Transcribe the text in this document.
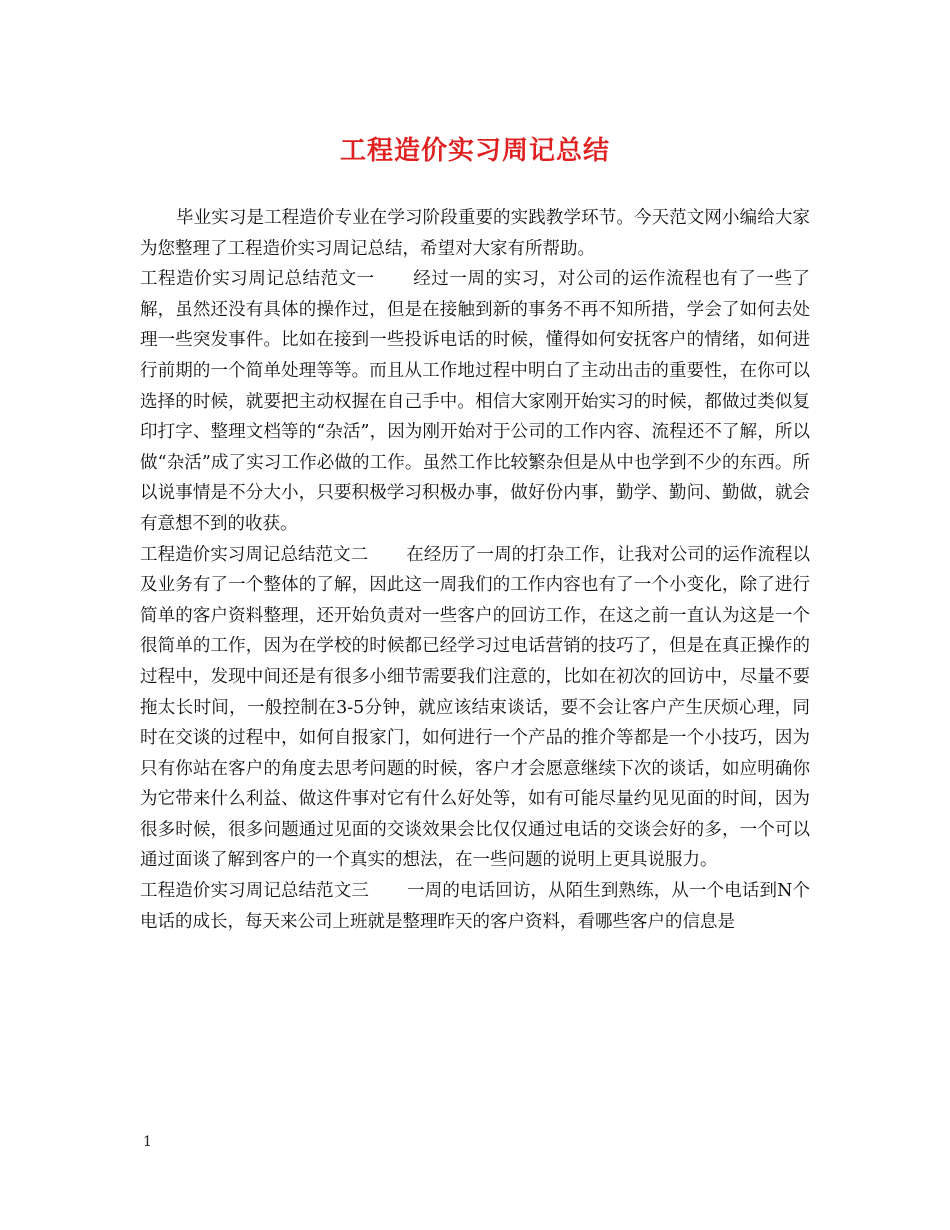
工程造价实习周记总结

毕业实习是工程造价专业在学习阶段重要的实践教学环节。今天范文网小编给大家为您整理了工程造价实习周记总结，希望对大家有所帮助。

工程造价实习周记总结范文一 经过一周的实习，对公司的运作流程也有了一些了解，虽然还没有具体的操作过，但是在接触到新的事务不再不知所措，学会了如何去处理一些突发事件。比如在接到一些投诉电话的时候，懂得如何安抚客户的情绪，如何进行前期的一个简单处理等等。而且从工作地过程中明白了主动出击的重要性，在你可以选择的时候，就要把主动权握在自己手中。相信大家刚开始实习的时候，都做过类似复印打字、整理文档等的“杂活”，因为刚开始对于公司的工作内容、流程还不了解，所以做“杂活”成了实习工作必做的工作。虽然工作比较繁杂但是从中也学到不少的东西。所以说事情是不分大小，只要积极学习积极办事，做好份内事，勤学、勤问、勤做，就会有意想不到的收获。

工程造价实习周记总结范文二 在经历了一周的打杂工作，让我对公司的运作流程以及业务有了一个整体的了解，因此这一周我们的工作内容也有了一个小变化，除了进行简单的客户资料整理，还开始负责对一些客户的回访工作，在这之前一直认为这是一个很简单的工作，因为在学校的时候都已经学习过电话营销的技巧了，但是在真正操作的过程中，发现中间还是有很多小细节需要我们注意的，比如在初次的回访中，尽量不要拖太长时间，一般控制在3-5分钟，就应该结束谈话，要不会让客户产生厌烦心理，同时在交谈的过程中，如何自报家门，如何进行一个产品的推介等都是一个小技巧，因为只有你站在客户的角度去思考问题的时候，客户才会愿意继续下次的谈话，如应明确你为它带来什么利益、做这件事对它有什么好处等，如有可能尽量约见见面的时间，因为很多时候，很多问题通过见面的交谈效果会比仅仅通过电话的交谈会好的多，一个可以通过面谈了解到客户的一个真实的想法，在一些问题的说明上更具说服力。

工程造价实习周记总结范文三 一周的电话回访，从陌生到熟练，从一个电话到N个电话的成长，每天来公司上班就是整理昨天的客户资料，看哪些客户的信息是

1
